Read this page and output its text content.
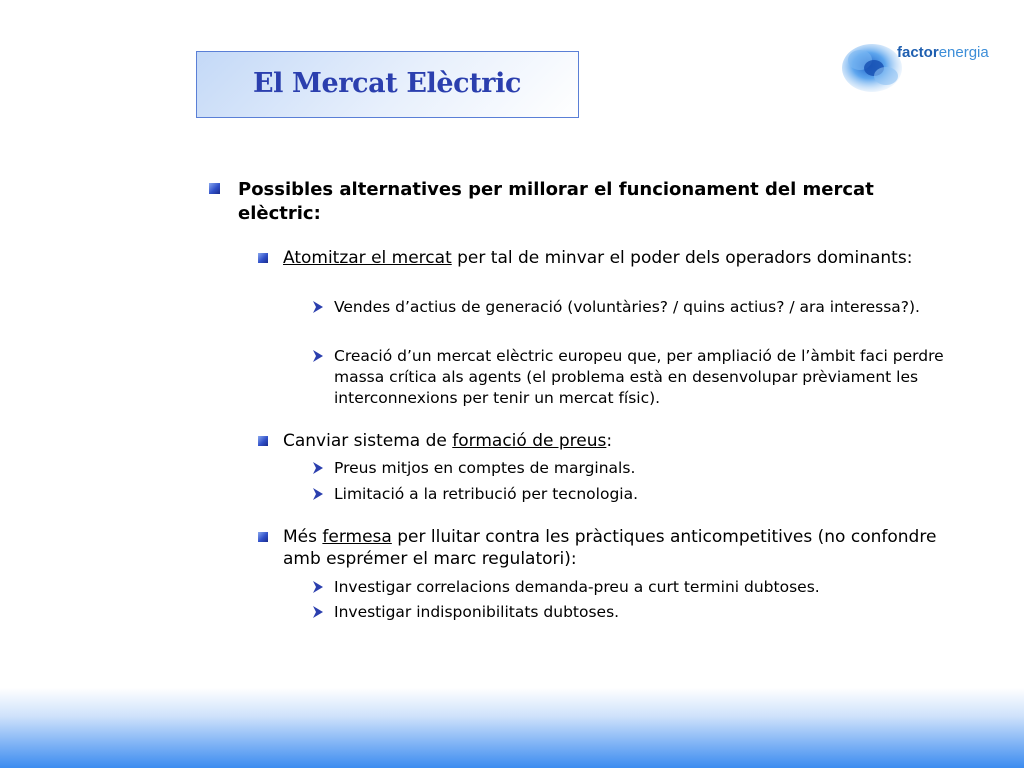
El Mercat Elèctric
factorenergia
Possibles alternatives per millorar el funcionament del mercat elèctric:
Atomitzar el mercat per tal de minvar el poder dels operadors dominants:
Vendes d’actius de generació (voluntàries? / quins actius? / ara interessa?).
Creació d’un mercat elèctric europeu que, per ampliació de l’àmbit faci perdre massa crítica als agents (el problema està en desenvolupar prèviament les interconnexions per tenir un mercat físic).
Canviar sistema de formació de preus:
Preus mitjos en comptes de marginals.
Limitació a la retribució per tecnologia.
Més fermesa per lluitar contra les pràctiques anticompetitives (no confondre amb esprémer el marc regulatori):
Investigar correlacions demanda-preu a curt termini dubtoses.
Investigar indisponibilitats dubtoses.
